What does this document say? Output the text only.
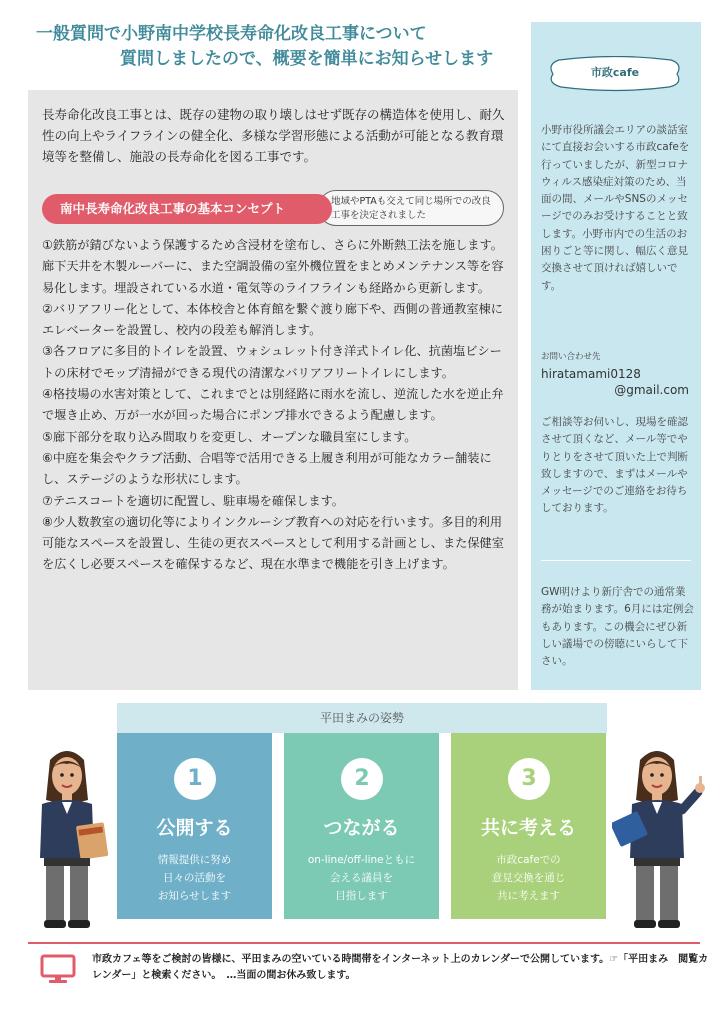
一般質問で小野南中学校長寿命化改良工事について
質問しましたので、概要を簡単にお知らせします

長寿命化改良工事とは、既存の建物の取り壊しはせず既存の構造体を使用し、耐久性の向上やライフラインの健全化、多様な学習形態による活動が可能となる教育環境等を整備し、施設の長寿命化を図る工事です。

地域やPTAも交えて同じ場所での改良工事を決定されました
南中長寿命化改良工事の基本コンセプト
①鉄筋が錆びないよう保護するため含浸材を塗布し、さらに外断熱工法を施します。廊下天井を木製ルーバーに、また空調設備の室外機位置をまとめメンテナンス等を容易化します。埋設されている水道・電気等のライフラインも経路から更新します。
②バリアフリー化として、本体校舎と体育館を繋ぐ渡り廊下や、西側の普通教室棟にエレベーターを設置し、校内の段差も解消します。
③各フロアに多目的トイレを設置、ウォシュレット付き洋式トイレ化、抗菌塩ビシートの床材でモップ清掃ができる現代の清潔なバリアフリートイレにします。
④格技場の水害対策として、これまでとは別経路に雨水を流し、逆流した水を逆止弁で堰き止め、万が一水が回った場合にポンプ排水できるよう配慮します。
⑤廊下部分を取り込み間取りを変更し、オープンな職員室にします。
⑥中庭を集会やクラブ活動、合唱等で活用できる上履き利用が可能なカラー舗装にし、ステージのような形状にします。
⑦テニスコートを適切に配置し、駐車場を確保します。
⑧少人数教室の適切化等によりインクルーシブ教育への対応を行います。多目的利用可能なスペースを設置し、生徒の更衣スペースとして利用する計画とし、また保健室を広くし必要スペースを確保するなど、現在水準まで機能を引き上げます。
市政cafe

小野市役所議会エリアの談話室にて直接お会いする市政cafeを行っていましたが、新型コロナウィルス感染症対策のため、当面の間、メールやSNSのメッセージでのみお受けすることと致します。小野市内での生活のお困りごと等に関し、幅広く意見交換させて頂ければ嬉しいです。

お問い合わせ先
hiratamami0128
@gmail.com

ご相談等お伺いし、現場を確認させて頂くなど、メール等でやりとりをさせて頂いた上で判断致しますので、まずはメールやメッセージでのご連絡をお待ちしております。

GW明けより新庁舎での通常業務が始まります。6月には定例会もあります。この機会にぜひ新しい議場での傍聴にいらして下さい。

平田まみの姿勢
1
公開する
情報提供に努め
日々の活動を
お知らせします
2
つながる
on-line/off-lineともに
会える議員を
目指します
3
共に考える
市政cafeでの
意見交換を通じ
共に考えます

市政カフェ等をご検討の皆様に、平田まみの空いている時間帯をインターネット上のカレンダーで公開しています。☞「平田まみ　閲覧カレンダー」と検索ください。　…当面の間お休み致します。
